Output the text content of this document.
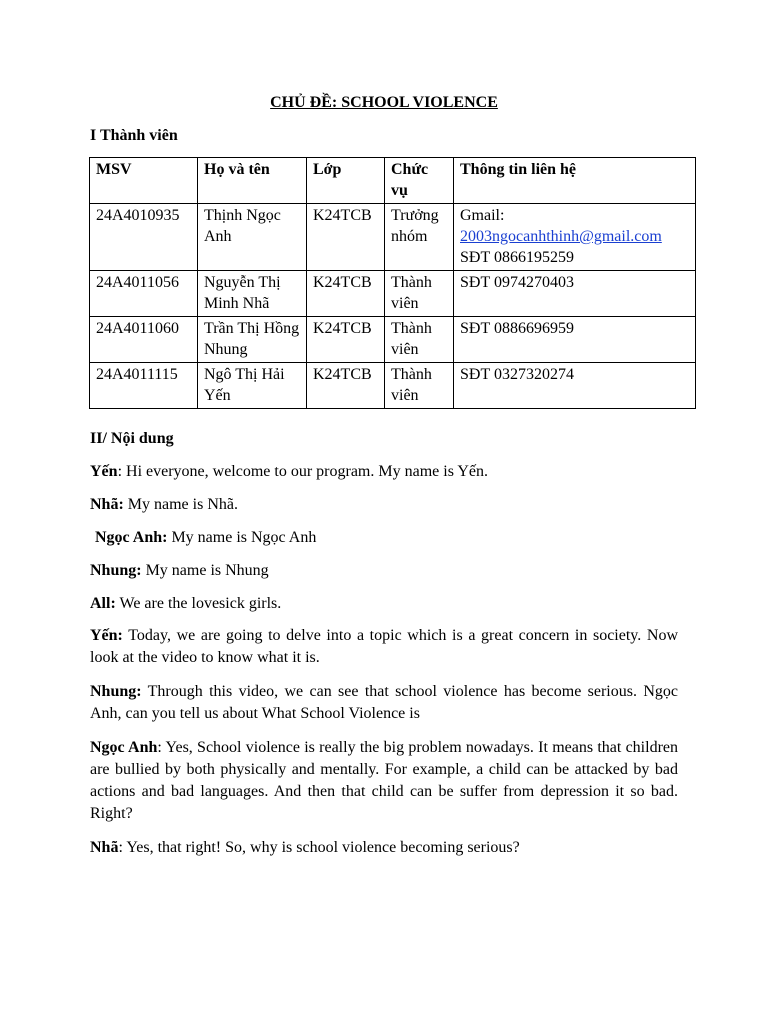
CHỦ ĐỀ: SCHOOL VIOLENCE
I Thành viên
MSV	Họ và tên	Lớp	Chức vụ	Thông tin liên hệ
24A4010935	Thịnh Ngọc Anh	K24TCB	Trưởng nhóm	Gmail:
2003ngocanhthinh@gmail.com
SĐT 0866195259
24A4011056	Nguyễn Thị Minh Nhã	K24TCB	Thành viên	SĐT 0974270403
24A4011060	Trần Thị Hồng Nhung	K24TCB	Thành viên	SĐT 0886696959
24A4011115	Ngô Thị Hải Yến	K24TCB	Thành viên	SĐT 0327320274
II/ Nội dung

Yến: Hi everyone, welcome to our program. My name is Yến.

Nhã: My name is Nhã.

Ngọc Anh: My name is Ngọc Anh

Nhung: My name is Nhung

All: We are the lovesick girls.

Yến: Today, we are going to delve into a topic which is a great concern in society. Now look at the video to know what it is.

Nhung: Through this video, we can see that school violence has become serious. Ngọc Anh, can you tell us about What School Violence is

Ngọc Anh: Yes, School violence is really the big problem nowadays. It means that children are bullied by both physically and mentally. For example, a child can be attacked by bad actions and bad languages. And then that child can be suffer from depression it so bad. Right?

Nhã: Yes, that right! So, why is school violence becoming serious?
